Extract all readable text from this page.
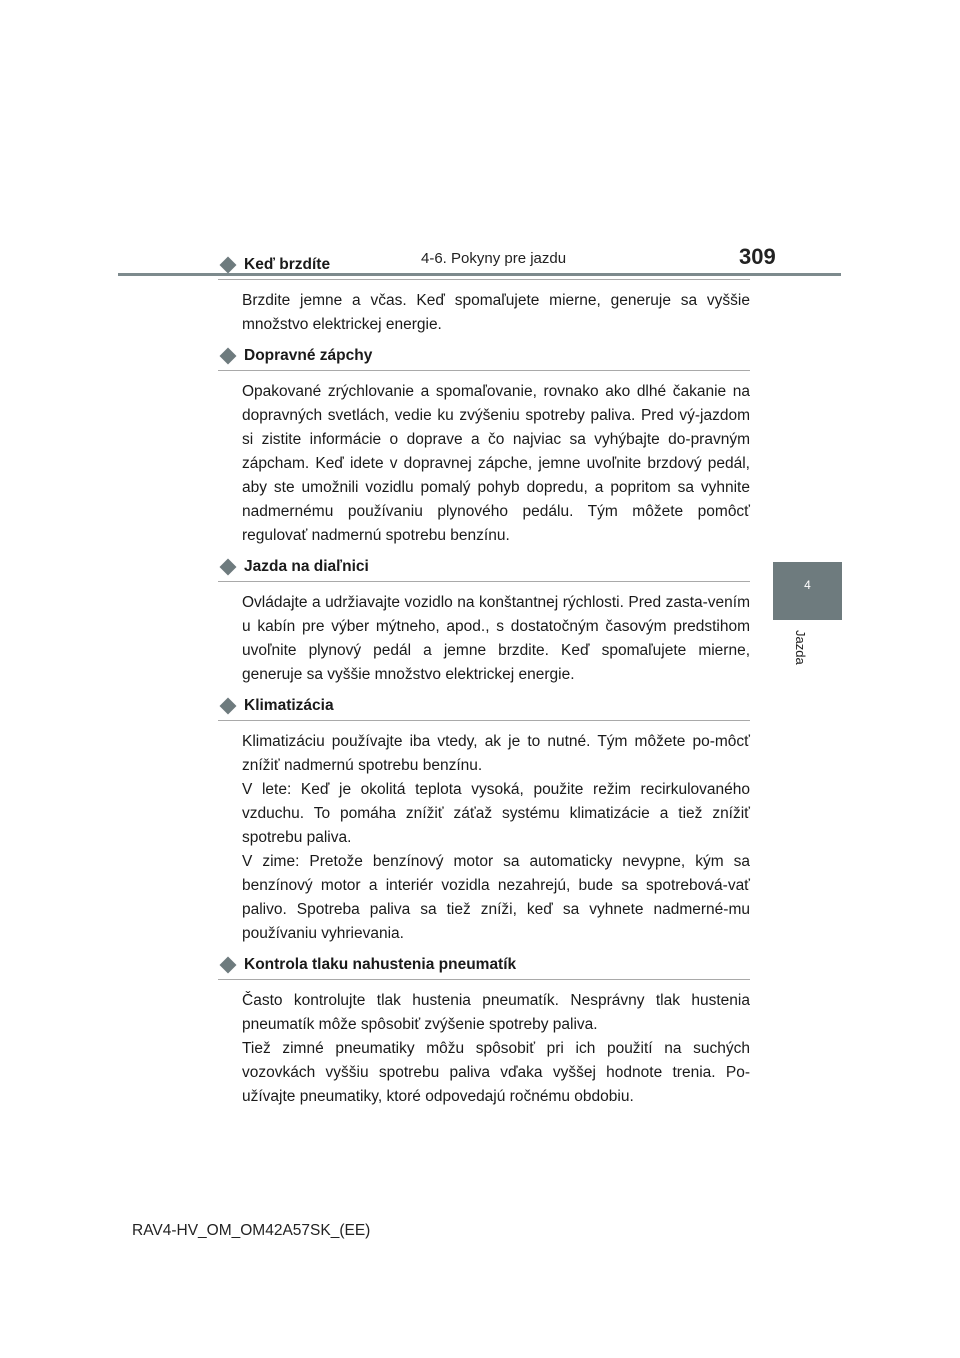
4-6. Pokyny pre jazdu	309
4
Jazda
Keď brzdíte

Brzdite jemne a včas. Keď spomaľujete mierne, generuje sa vyššie množstvo elektrickej energie.

Dopravné zápchy

Opakované zrýchlovanie a spomaľovanie, rovnako ako dlhé čakanie na dopravných svetlách, vedie ku zvýšeniu spotreby paliva. Pred vý-jazdom si zistite informácie o doprave a čo najviac sa vyhýbajte do-pravným zápcham. Keď idete v dopravnej zápche, jemne uvoľnite brzdový pedál, aby ste umožnili vozidlu pomalý pohyb dopredu, a popritom sa vyhnite nadmernému používaniu plynového pedálu. Tým môžete pomôcť regulovať nadmernú spotrebu benzínu.

Jazda na diaľnici

Ovládajte a udržiavajte vozidlo na konštantnej rýchlosti. Pred zasta-vením u kabín pre výber mýtneho, apod., s dostatočným časovým predstihom uvoľnite plynový pedál a jemne brzdite. Keď spomaľujete mierne, generuje sa vyššie množstvo elektrickej energie.

Klimatizácia

Klimatizáciu používajte iba vtedy, ak je to nutné. Tým môžete po-môcť znížiť nadmernú spotrebu benzínu.

V lete: Keď je okolitá teplota vysoká, použite režim recirkulovaného vzduchu. To pomáha znížiť záťaž systému klimatizácie a tiež znížiť spotrebu paliva.

V zime: Pretože benzínový motor sa automaticky nevypne, kým sa benzínový motor a interiér vozidla nezahrejú, bude sa spotrebová-vať palivo. Spotreba paliva sa tiež zníži, keď sa vyhnete nadmerné-mu používaniu vyhrievania.

Kontrola tlaku nahustenia pneumatík

Často kontrolujte tlak hustenia pneumatík. Nesprávny tlak hustenia pneumatík môže spôsobiť zvýšenie spotreby paliva.

Tiež zimné pneumatiky môžu spôsobiť pri ich použití na suchých vozovkách vyššiu spotrebu paliva vďaka vyššej hodnote trenia. Po-užívajte pneumatiky, ktoré odpovedajú ročnému obdobiu.

RAV4-HV_OM_OM42A57SK_(EE)
